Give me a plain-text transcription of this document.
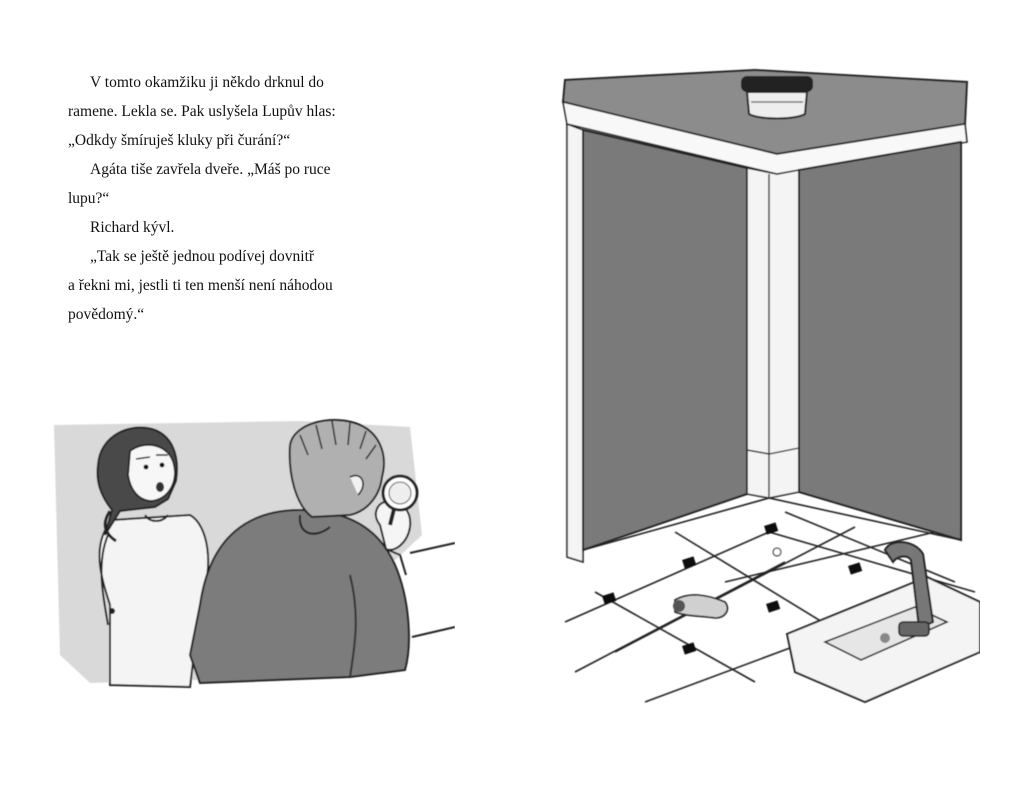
V tomto okamžiku ji někdo drknul do

ramene. Lekla se. Pak uslyšela Lupův hlas:

„Odkdy šmíruješ kluky při čurání?“

Agáta tiše zavřela dveře. „Máš po ruce

lupu?“

Richard kývl.

„Tak se ještě jednou podívej dovnitř

a řekni mi, jestli ti ten menší není náhodou

povědomý.“
